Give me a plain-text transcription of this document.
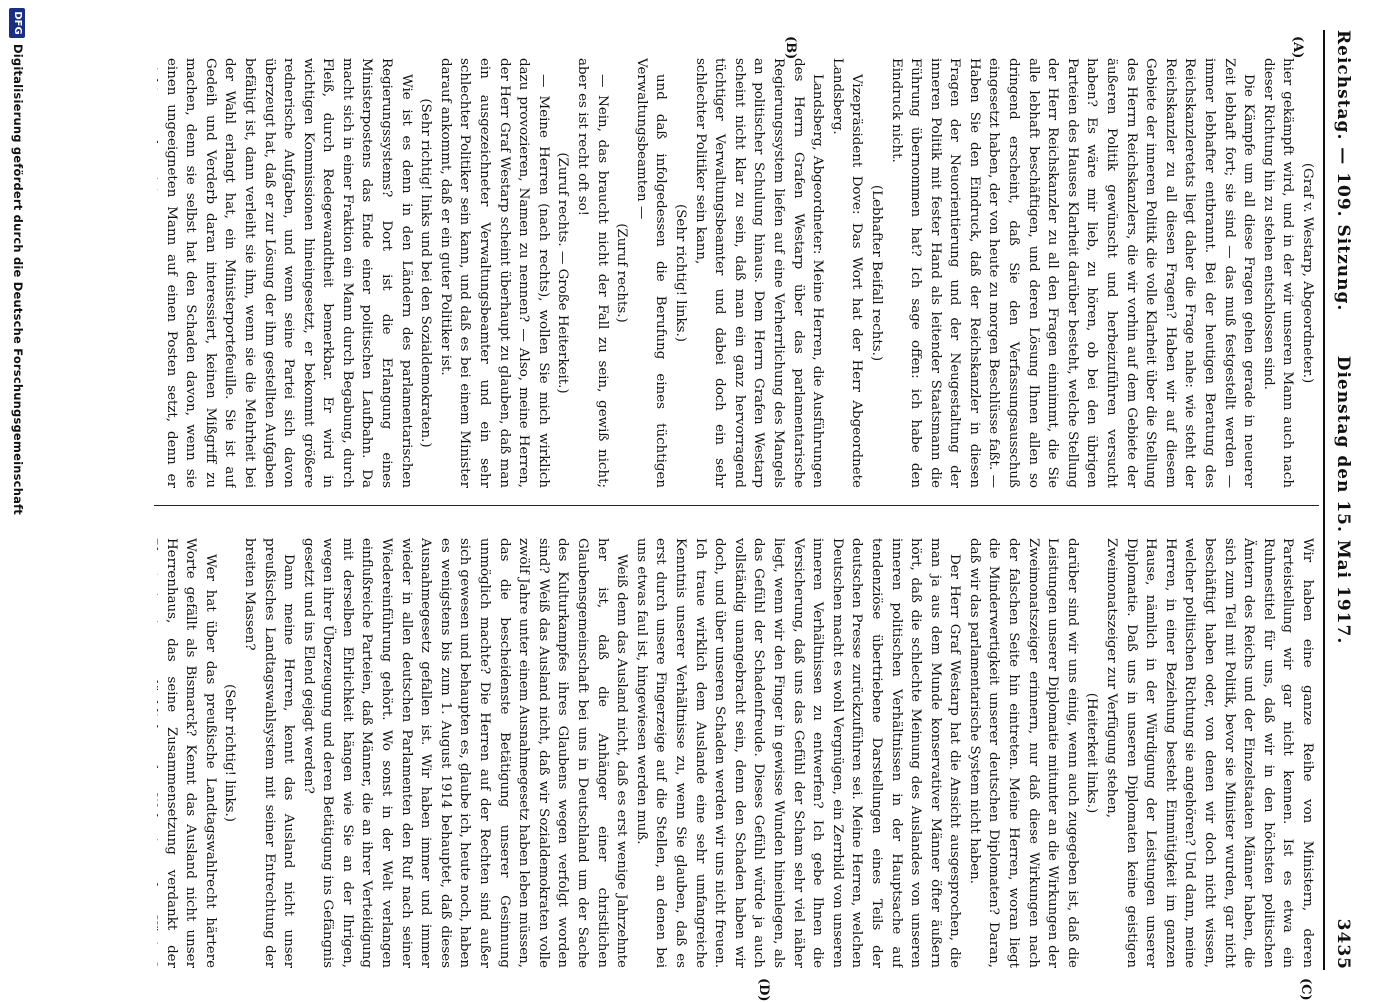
Reichstag. — 109. Sitzung.
Dienstag den 15. Mai 1917.
3435
(A)
(B)
(C)
(D)

(Graf v. Westarp, Abgeordneter.)

hier gekämpft wird, und in der wir unseren Mann auch nach dieser Richtung hin zu stehen entschlossen sind.

Die Kämpfe um all diese Fragen gehen gerade in neuerer Zeit lebhaft fort; sie sind — das muß festgestellt werden — immer lebhafter entbrannt. Bei der heutigen Beratung des Reichskanzleretats liegt daher die Frage nahe: wie steht der Reichskanzler zu all diesen Fragen? Haben wir auf diesem Gebiete der inneren Politik die volle Klarheit über die Stellung des Herrn Reichskanzlers, die wir vorhin auf dem Gebiete der äußeren Politik gewünscht und herbeizuführen versucht haben? Es wäre mir lieb, zu hören, ob bei den übrigen Parteien des Hauses Klarheit darüber besteht, welche Stellung der Herr Reichskanzler zu all den Fragen einnimmt, die Sie alle lebhaft beschäftigen, und deren Lösung Ihnen allen so dringend erscheint, daß Sie den Verfassungsausschuß eingesetzt haben, der von heute zu morgen Beschlüsse faßt. — Haben Sie den Eindruck, daß der Reichskanzler in diesen Fragen der Neuorientierung und der Neugestaltung der inneren Politik mit fester Hand als leitender Staatsmann die Führung übernommen hat? Ich sage offen: ich habe den Eindruck nicht.

(Lebhafter Beifall rechts.)

Vizepräsident Dove: Das Wort hat der Herr Abgeordnete Landsberg.

Landsberg, Abgeordneter: Meine Herren, die Ausführungen des Herrn Grafen Westarp über das parlamentarische Regierungssystem liefen auf eine Verherrlichung des Mangels an politischer Schulung hinaus. Dem Herrn Grafen Westarp scheint nicht klar zu sein, daß man ein ganz hervorragend tüchtiger Verwaltungsbeamter und dabei doch ein sehr schlechter Politiker sein kann,

(Sehr richtig! links.)

und daß infolgedessen die Berufung eines tüchtigen Verwaltungsbeamten —

(Zuruf rechts.)

— Nein, das braucht nicht der Fall zu sein, gewiß nicht; aber es ist recht oft so!

(Zuruf rechts. — Große Heiterkeit.)

— Meine Herren (nach rechts), wollen Sie mich wirklich dazu provozieren, Namen zu nennen? — Also, meine Herren, der Herr Graf Westarp scheint überhaupt zu glauben, daß man ein ausgezeichneter Verwaltungsbeamter und ein sehr schlechter Politiker sein kann, und daß es bei einem Minister darauf ankommt, daß er ein guter Politiker ist.

(Sehr richtig! links und bei den Sozialdemokraten.)

Wie ist es denn in den Ländern des parlamentarischen Regierungssystems? Dort ist die Erlangung eines Ministerpostens das Ende einer politischen Laufbahn. Da macht sich in einer Fraktion ein Mann durch Begabung, durch Fleiß, durch Redegewandtheit bemerkbar. Er wird in wichtigen Kommissionen hineingesetzt, er bekommt größere rednerische Aufgaben, und wenn seine Partei sich davon überzeugt hat, daß er zur Lösung der ihm gestellten Aufgaben befähigt ist, dann verleiht sie ihm, wenn sie die Mehrheit bei der Wahl erlangt hat, ein Ministerportefeuille. Sie ist auf Gedeih und Verderb daran interessiert, keinen Mißgriff zu machen, denn sie selbst hat den Schaden davon, wenn sie einen ungeeigneten Mann auf einen Posten setzt, denn er

Wir haben eine ganze Reihe von Ministern, deren Parteistellung wir gar nicht kennen. Ist es etwa ein Ruhmestitel für uns, daß wir in den höchsten politischen Ämtern des Reichs und der Einzelstaaten Männer haben, die sich zum Teil mit Politik, bevor sie Minister wurden, gar nicht beschäftigt haben oder, von denen wir doch nicht wissen, welcher politischen Richtung sie angehören? Und dann, meine Herren, in einer Beziehung besteht Einmütigkeit im ganzen Hause, nämlich in der Würdigung der Leistungen unserer Diplomatie. Daß uns in unseren Diplomaten keine geistigen Zweimonatszeiger zur Verfügung stehen,

(Heiterkeit links.)

darüber sind wir uns einig, wenn auch zugegeben ist, daß die Leistungen unserer Diplomatie mitunter an die Wirkungen der Zweimonatszeiger erinnern, nur daß diese Wirkungen nach der falschen Seite hin eintreten. Meine Herren, woran liegt die Minderwertigkeit unserer deutschen Diplomaten? Daran, daß wir das parlamentarische System nicht haben.

Der Herr Graf Westarp hat die Ansicht ausgesprochen, die man ja aus dem Munde konservativer Männer öfter äußern hört, daß die schlechte Meinung des Auslandes von unseren inneren politischen Verhältnissen in der Hauptsache auf tendenziöse übertriebene Darstellungen eines Teils der deutschen Presse zurückzuführen sei. Meine Herren, welchen Deutschen macht es wohl Vergnügen, ein Zerrbild von unseren inneren Verhältnissen zu entwerfen? Ich gebe Ihnen die Versicherung, daß uns das Gefühl der Scham sehr viel näher liegt, wenn wir den Finger in gewisse Wunden hineinlegen, als das Gefühl der Schadenfreude. Dieses Gefühl würde ja auch vollständig unangebracht sein, denn den Schaden haben wir doch, und über unseren Schaden werden wir uns nicht freuen. Ich traue wirklich dem Auslande eine sehr umfangreiche Kenntnis unserer Verhältnisse zu, wenn Sie glauben, daß es erst durch unsere Fingerzeige auf die Stellen, an denen bei uns etwas faul ist, hingewiesen werden muß.

Weiß denn das Ausland nicht, daß es erst wenige Jahrzehnte her ist, daß die Anhänger einer christlichen Glaubensgemeinschaft bei uns in Deutschland um der Sache des Kulturkampfes ihres Glaubens wegen verfolgt worden sind? Weiß das Ausland nicht, daß wir Sozialdemokraten volle zwölf Jahre unter einem Ausnahmegesetz haben leben müssen, das die bescheidenste Betätigung unserer Gesinnung unmöglich machte? Die Herren auf der Rechten sind außer sich gewesen und behaupten es, glaube ich, heute noch, haben es wenigstens bis zum 1. August 1914 behauptet, daß dieses Ausnahmegesetz gefallen ist. Wir haben immer und immer wieder in allen deutschen Parlamenten den Ruf nach seiner Wiedereinführung gehört. Wo sonst in der Welt verlangen einflußreiche Parteien, daß Männer, die an ihrer Verteidigung mit derselben Ehrlichkeit hängen wie Sie an der Ihrigen, wegen ihrer Überzeugung und deren Betätigung ins Gefängnis gesetzt und ins Elend gejagt werden?

Dann meine Herren, kennt das Ausland nicht unser preußisches Landtagswahlsystem mit seiner Entrechtung der breiten Massen?

(Sehr richtig! links.)

Wer hat über das preußische Landtagswahlrecht härtere Worte gefällt als Bismarck? Kennt das Ausland nicht unser Herrenhaus, das seine Zusammensetzung verdankt der

DFG
Digitalisierung gefördert durch die Deutsche Forschungsgemeinschaft
